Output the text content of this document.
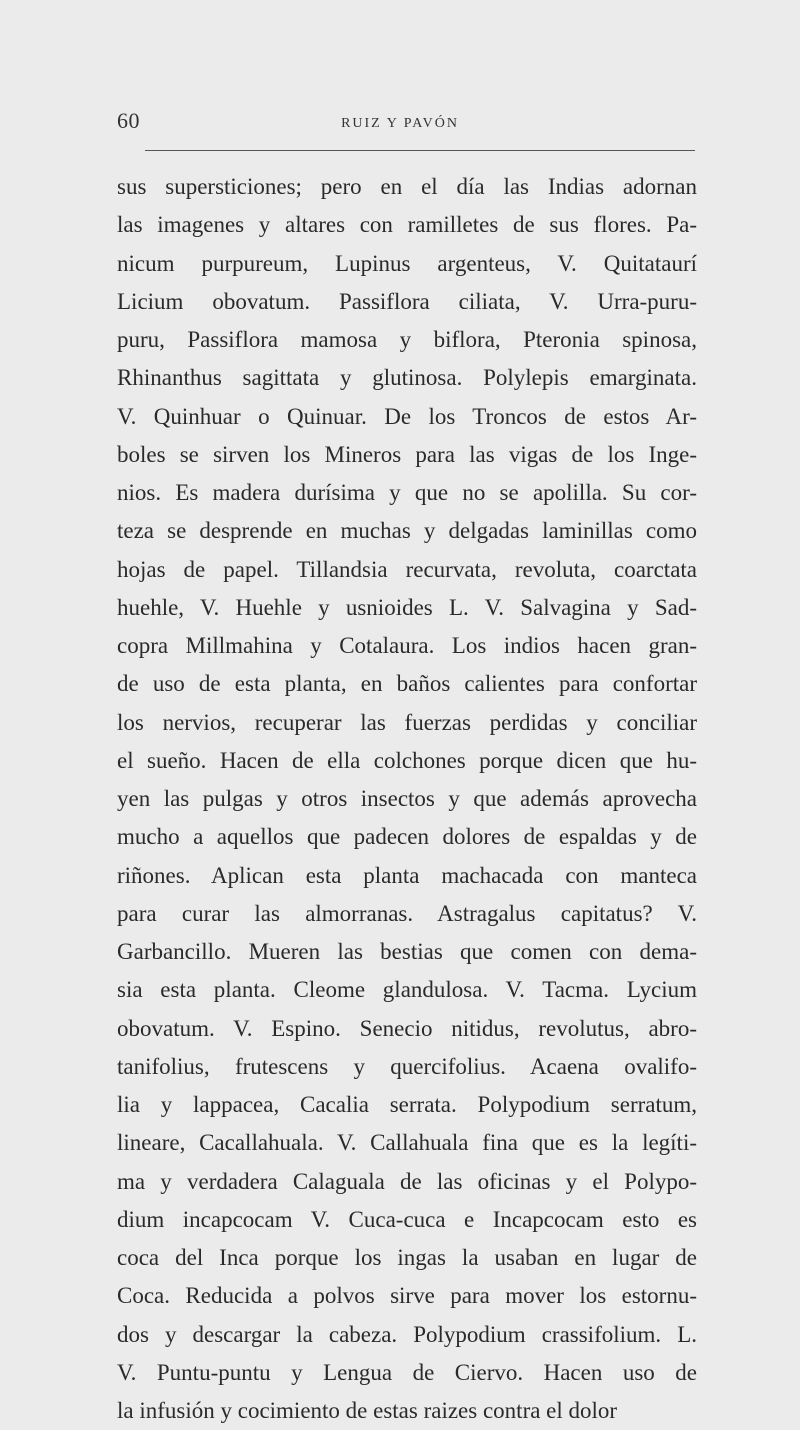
60	RUIZ Y PAVÓN
sus supersticiones; pero en el día las Indias adornan
las imagenes y altares con ramilletes de sus flores. Pa-
nicum purpureum, Lupinus argenteus, V. Quitataurí
Licium obovatum. Passiflora ciliata, V. Urra-puru-
puru, Passiflora mamosa y biflora, Pteronia spinosa,
Rhinanthus sagittata y glutinosa. Polylepis emarginata.
V. Quinhuar o Quinuar. De los Troncos de estos Ar-
boles se sirven los Mineros para las vigas de los Inge-
nios. Es madera durísima y que no se apolilla. Su cor-
teza se desprende en muchas y delgadas laminillas como
hojas de papel. Tillandsia recurvata, revoluta, coarctata
huehle, V. Huehle y usnioides L. V. Salvagina y Sad-
copra Millmahina y Cotalaura. Los indios hacen gran-
de uso de esta planta, en baños calientes para confortar
los nervios, recuperar las fuerzas perdidas y conciliar
el sueño. Hacen de ella colchones porque dicen que hu-
yen las pulgas y otros insectos y que además aprovecha
mucho a aquellos que padecen dolores de espaldas y de
riñones. Aplican esta planta machacada con manteca
para curar las almorranas. Astragalus capitatus? V.
Garbancillo. Mueren las bestias que comen con dema-
sia esta planta. Cleome glandulosa. V. Tacma. Lycium
obovatum. V. Espino. Senecio nitidus, revolutus, abro-
tanifolius, frutescens y quercifolius. Acaena ovalifo-
lia y lappacea, Cacalia serrata. Polypodium serratum,
lineare, Cacallahuala. V. Callahuala fina que es la legíti-
ma y verdadera Calaguala de las oficinas y el Polypo-
dium incapcocam V. Cuca-cuca e Incapcocam esto es
coca del Inca porque los ingas la usaban en lugar de
Coca. Reducida a polvos sirve para mover los estornu-
dos y descargar la cabeza. Polypodium crassifolium. L.
V. Puntu-puntu y Lengua de Ciervo. Hacen uso de
la infusión y cocimiento de estas raizes contra el dolor
